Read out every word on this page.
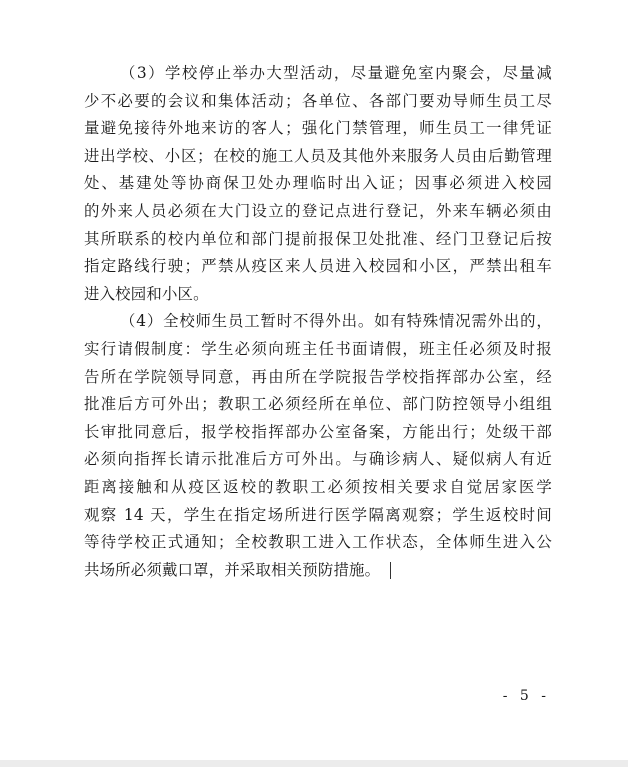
（3）学校停止举办大型活动，尽量避免室内聚会，尽量减
少不必要的会议和集体活动；各单位、各部门要劝导师生员工尽
量避免接待外地来访的客人；强化门禁管理，师生员工一律凭证
进出学校、小区；在校的施工人员及其他外来服务人员由后勤管理
处、基建处等协商保卫处办理临时出入证；因事必须进入校园
的外来人员必须在大门设立的登记点进行登记，外来车辆必须由
其所联系的校内单位和部门提前报保卫处批准、经门卫登记后按
指定路线行驶；严禁从疫区来人员进入校园和小区，严禁出租车
进入校园和小区。
（4）全校师生员工暂时不得外出。如有特殊情况需外出的，
实行请假制度：学生必须向班主任书面请假，班主任必须及时报
告所在学院领导同意，再由所在学院报告学校指挥部办公室，经
批准后方可外出；教职工必须经所在单位、部门防控领导小组组
长审批同意后，报学校指挥部办公室备案，方能出行；处级干部
必须向指挥长请示批准后方可外出。与确诊病人、疑似病人有近
距离接触和从疫区返校的教职工必须按相关要求自觉居家医学
观察 14 天，学生在指定场所进行医学隔离观察；学生返校时间
等待学校正式通知；全校教职工进入工作状态，全体师生进入公
共场所必须戴口罩，并采取相关预防措施。
- 5 -
